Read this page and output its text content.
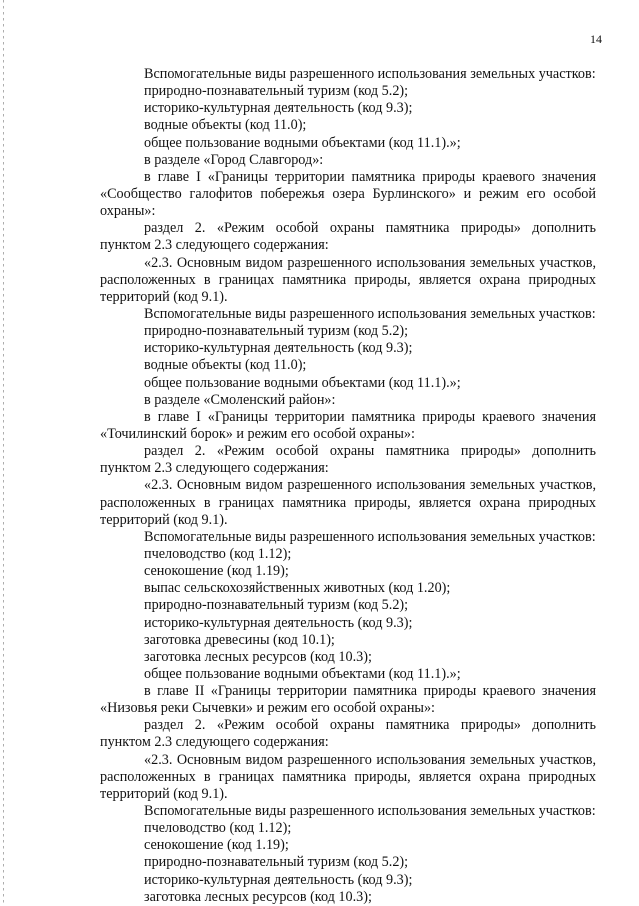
14
Вспомогательные виды разрешенного использования земельных участков:
природно-познавательный туризм (код 5.2);
историко-культурная деятельность (код 9.3);
водные объекты (код 11.0);
общее пользование водными объектами (код 11.1).»;
в разделе «Город Славгород»:
в главе I «Границы территории памятника природы краевого значения
«Сообщество галофитов побережья озера Бурлинского» и режим его особой
охраны»:
раздел 2. «Режим особой охраны памятника природы» дополнить
пунктом 2.3 следующего содержания:
«2.3. Основным видом разрешенного использования земельных участков,
расположенных в границах памятника природы, является охрана природных
территорий (код 9.1).
Вспомогательные виды разрешенного использования земельных участков:
природно-познавательный туризм (код 5.2);
историко-культурная деятельность (код 9.3);
водные объекты (код 11.0);
общее пользование водными объектами (код 11.1).»;
в разделе «Смоленский район»:
в главе I «Границы территории памятника природы краевого значения
«Точилинский борок» и режим его особой охраны»:
раздел 2. «Режим особой охраны памятника природы» дополнить
пунктом 2.3 следующего содержания:
«2.3. Основным видом разрешенного использования земельных участков,
расположенных в границах памятника природы, является охрана природных
территорий (код 9.1).
Вспомогательные виды разрешенного использования земельных участков:
пчеловодство (код 1.12);
сенокошение (код 1.19);
выпас сельскохозяйственных животных (код 1.20);
природно-познавательный туризм (код 5.2);
историко-культурная деятельность (код 9.3);
заготовка древесины (код 10.1);
заготовка лесных ресурсов (код 10.3);
общее пользование водными объектами (код 11.1).»;
в главе II «Границы территории памятника природы краевого значения
«Низовья реки Сычевки» и режим его особой охраны»:
раздел 2. «Режим особой охраны памятника природы» дополнить
пунктом 2.3 следующего содержания:
«2.3. Основным видом разрешенного использования земельных участков,
расположенных в границах памятника природы, является охрана природных
территорий (код 9.1).
Вспомогательные виды разрешенного использования земельных участков:
пчеловодство (код 1.12);
сенокошение (код 1.19);
природно-познавательный туризм (код 5.2);
историко-культурная деятельность (код 9.3);
заготовка лесных ресурсов (код 10.3);
